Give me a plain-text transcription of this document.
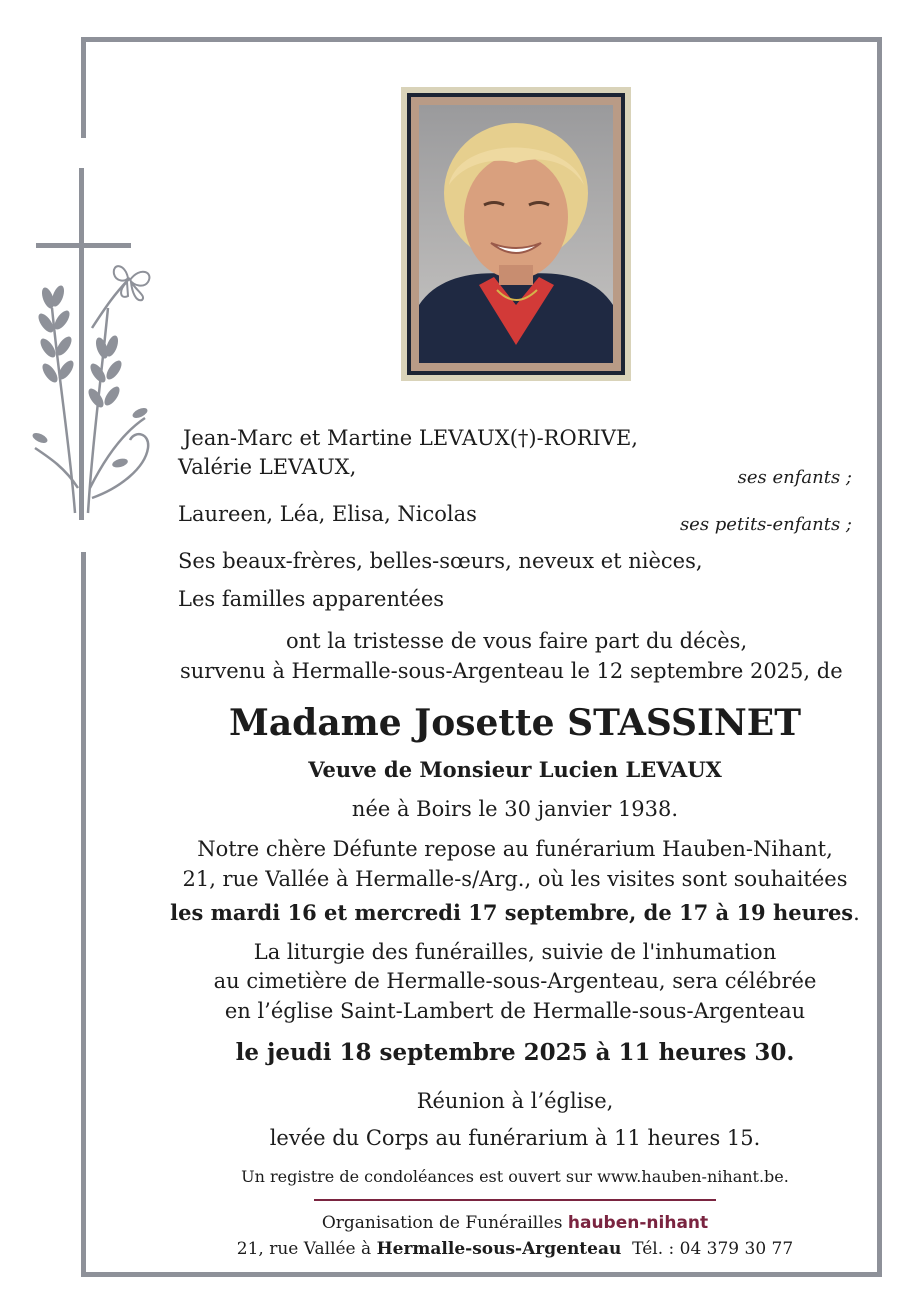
Jean-Marc et Martine LEVAUX(†)-RORIVE,
Valérie LEVAUX,	ses enfants ;
Laureen, Léa, Elisa, Nicolas	ses petits-enfants ;
Ses beaux-frères, belles-sœurs, neveux et nièces,
Les familles apparentées
ont la tristesse de vous faire part du décès,
survenu à Hermalle-sous-Argenteau le 12 septembre 2025, de
Madame Josette STASSINET
Veuve de Monsieur Lucien LEVAUX
née à Boirs le 30 janvier 1938.
Notre chère Défunte repose au funérarium Hauben-Nihant,
21, rue Vallée à Hermalle-s/Arg., où les visites sont souhaitées
les mardi 16 et mercredi 17 septembre, de 17 à 19 heures.
La liturgie des funérailles, suivie de l'inhumation
au cimetière de Hermalle-sous-Argenteau, sera célébrée
en l’église Saint-Lambert de Hermalle-sous-Argenteau
le jeudi 18 septembre 2025 à 11 heures 30.
Réunion à l’église,
levée du Corps au funérarium à 11 heures 15.
Un registre de condoléances est ouvert sur www.hauben-nihant.be.
Organisation de Funérailles hauben-nihant
21, rue Vallée à Hermalle-sous-Argenteau Tél. : 04 379 30 77
